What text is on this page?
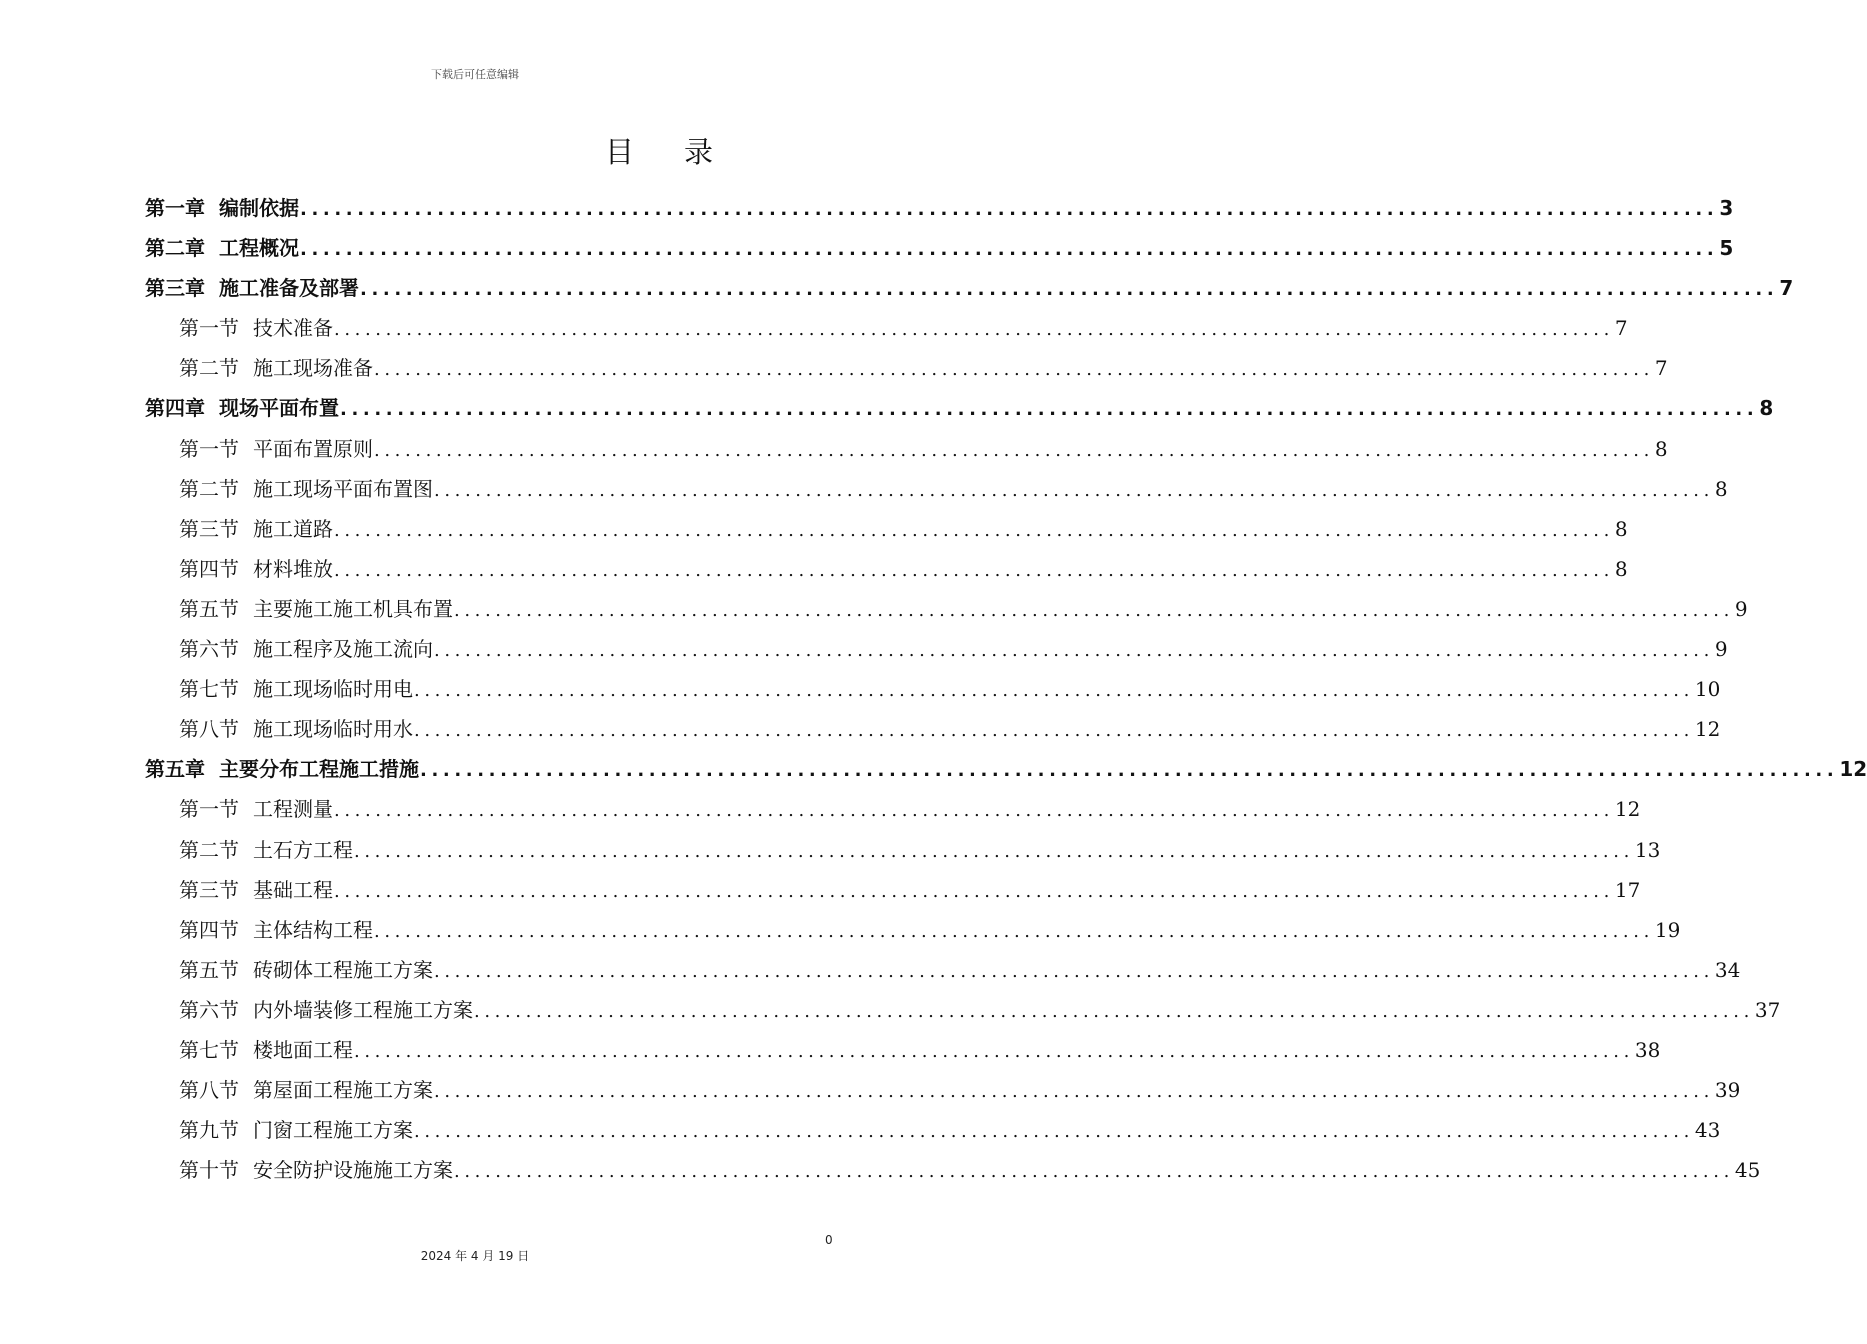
下载后可任意编辑
目 录
第一章 编制依据 ............................................................................................................................ 3
第二章 工程概况 ............................................................................................................................ 5
第三章 施工准备及部署 ............................................................................................................................ 7
第一节 技术准备 ............................................................................................................................ 7
第二节 施工现场准备 ............................................................................................................................ 7
第四章 现场平面布置 ............................................................................................................................ 8
第一节 平面布置原则 ............................................................................................................................ 8
第二节 施工现场平面布置图 ............................................................................................................................ 8
第三节 施工道路 ............................................................................................................................ 8
第四节 材料堆放 ............................................................................................................................ 8
第五节 主要施工施工机具布置 ............................................................................................................................ 9
第六节 施工程序及施工流向 ............................................................................................................................ 9
第七节 施工现场临时用电 ............................................................................................................................ 10
第八节 施工现场临时用水 ............................................................................................................................ 12
第五章 主要分布工程施工措施 ............................................................................................................................ 12
第一节 工程测量 ............................................................................................................................ 12
第二节 土石方工程 ............................................................................................................................ 13
第三节 基础工程 ............................................................................................................................ 17
第四节 主体结构工程 ............................................................................................................................ 19
第五节 砖砌体工程施工方案 ............................................................................................................................ 34
第六节 内外墙装修工程施工方案 ............................................................................................................................ 37
第七节 楼地面工程 ............................................................................................................................ 38
第八节 第屋面工程施工方案 ............................................................................................................................ 39
第九节 门窗工程施工方案 ............................................................................................................................ 43
第十节 安全防护设施施工方案 ............................................................................................................................ 45
0
2024 年 4 月 19 日
